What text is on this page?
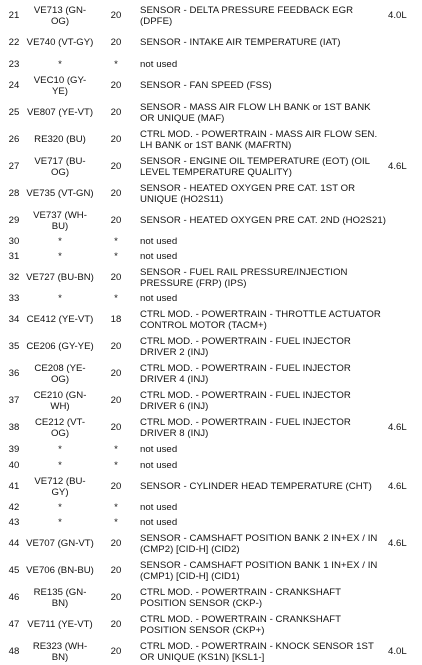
21	VE713 (GN-OG)	20	SENSOR - DELTA PRESSURE FEEDBACK EGR (DPFE)	4.0L
22	VE740 (VT-GY)	20	SENSOR - INTAKE AIR TEMPERATURE (IAT)	
23	*	*	not used	
24	VEC10 (GY-YE)	20	SENSOR - FAN SPEED (FSS)	
25	VE807 (YE-VT)	20	SENSOR - MASS AIR FLOW LH BANK or 1ST BANK OR UNIQUE (MAF)	
26	RE320 (BU)	20	CTRL MOD. - POWERTRAIN - MASS AIR FLOW SEN. LH BANK or 1ST BANK (MAFRTN)	
27	VE717 (BU-OG)	20	SENSOR - ENGINE OIL TEMPERATURE (EOT) (OIL LEVEL TEMPERATURE QUALITY)	4.6L
28	VE735 (VT-GN)	20	SENSOR - HEATED OXYGEN PRE CAT. 1ST OR UNIQUE (HO2S11)	
29	VE737 (WH-BU)	20	SENSOR - HEATED OXYGEN PRE CAT. 2ND (HO2S21)	
30	*	*	not used	
31	*	*	not used	
32	VE727 (BU-BN)	20	SENSOR - FUEL RAIL PRESSURE/INJECTION PRESSURE (FRP) (IPS)	
33	*	*	not used	
34	CE412 (YE-VT)	18	CTRL MOD. - POWERTRAIN - THROTTLE ACTUATOR CONTROL MOTOR (TACM+)	
35	CE206 (GY-YE)	20	CTRL MOD. - POWERTRAIN - FUEL INJECTOR DRIVER 2 (INJ)	
36	CE208 (YE-OG)	20	CTRL MOD. - POWERTRAIN - FUEL INJECTOR DRIVER 4 (INJ)	
37	CE210 (GN-WH)	20	CTRL MOD. - POWERTRAIN - FUEL INJECTOR DRIVER 6 (INJ)	
38	CE212 (VT-OG)	20	CTRL MOD. - POWERTRAIN - FUEL INJECTOR DRIVER 8 (INJ)	4.6L
39	*	*	not used	
40	*	*	not used	
41	VE712 (BU-GY)	20	SENSOR - CYLINDER HEAD TEMPERATURE (CHT)	4.6L
42	*	*	not used	
43	*	*	not used	
44	VE707 (GN-VT)	20	SENSOR - CAMSHAFT POSITION BANK 2 IN+EX / IN (CMP2) [CID-H] (CID2)	4.6L
45	VE706 (BN-BU)	20	SENSOR - CAMSHAFT POSITION BANK 1 IN+EX / IN (CMP1) [CID-H] (CID1)	
46	RE135 (GN-BN)	20	CTRL MOD. - POWERTRAIN - CRANKSHAFT POSITION SENSOR (CKP-)	
47	VE711 (YE-VT)	20	CTRL MOD. - POWERTRAIN - CRANKSHAFT POSITION SENSOR (CKP+)	
48	RE323 (WH-BN)	20	CTRL MOD. - POWERTRAIN - KNOCK SENSOR 1ST OR UNIQUE (KS1N) [KSL1-]	4.0L
